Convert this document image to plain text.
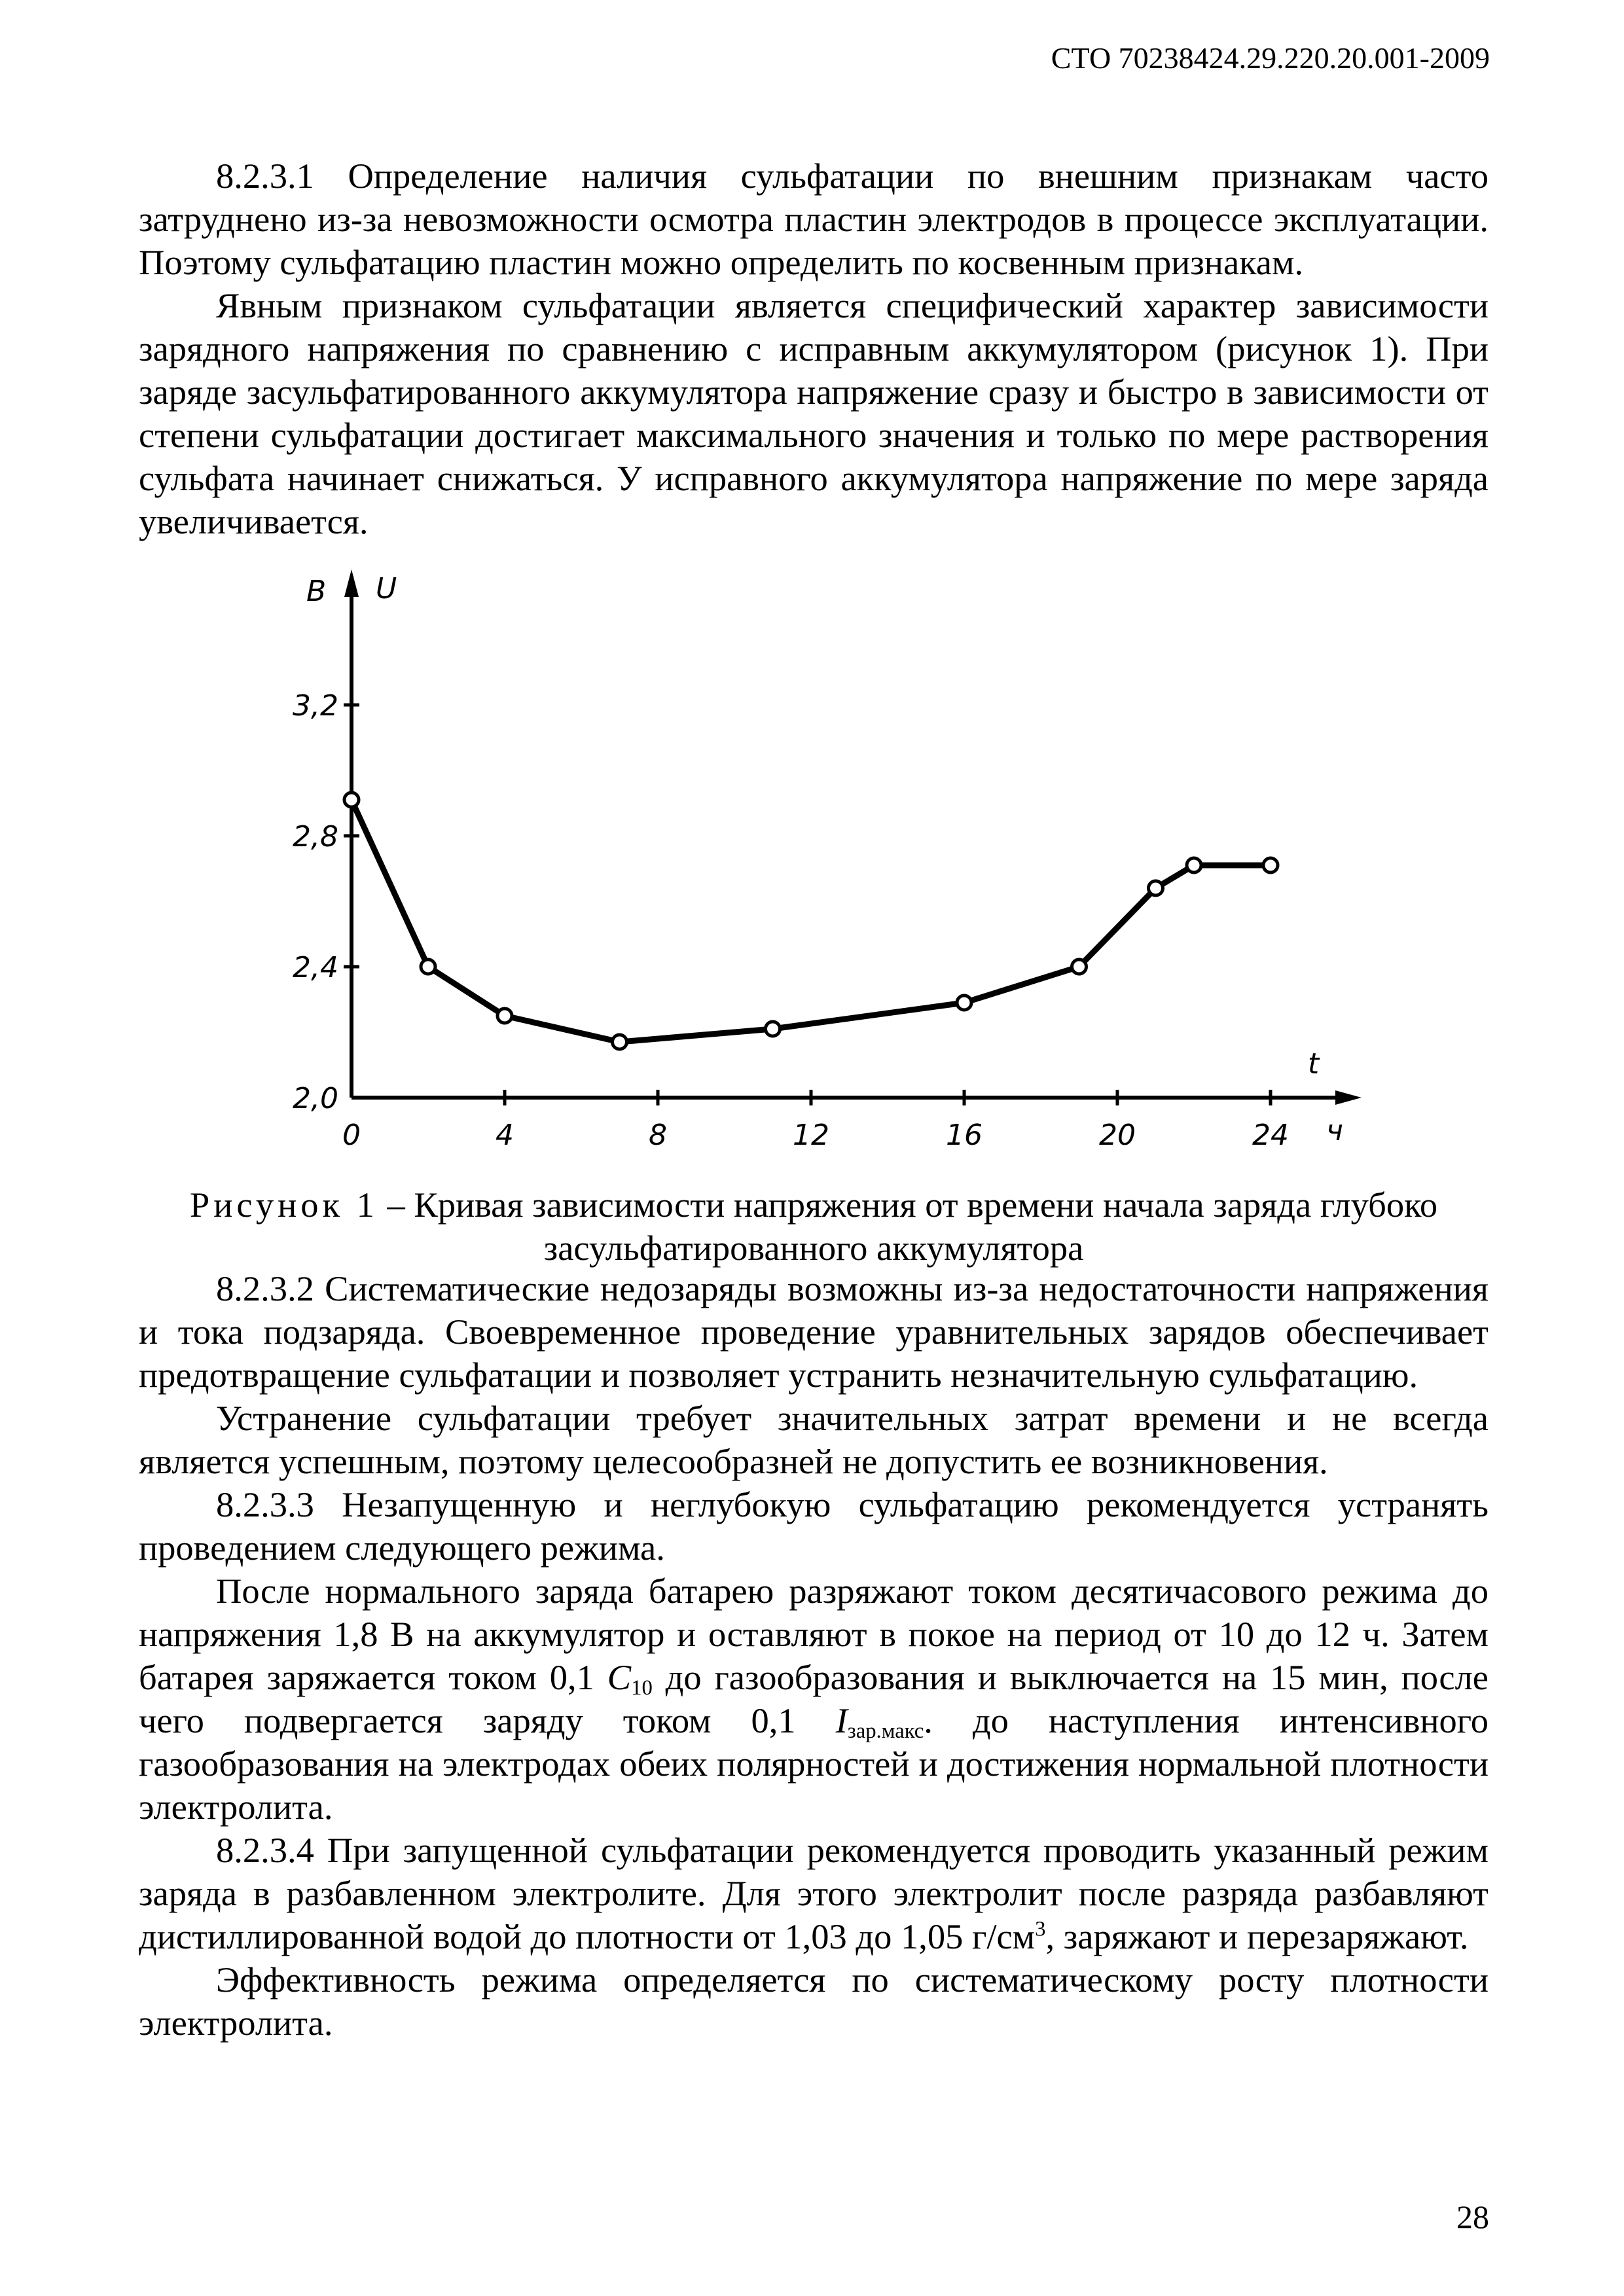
СТО 70238424.29.220.20.001-2009

8.2.3.1 Определение наличия сульфатации по внешним признакам часто затруднено из-за невозможности осмотра пластин электродов в процессе эксплуатации. Поэтому сульфатацию пластин можно определить по косвенным признакам.

Явным признаком сульфатации является специфический характер зависимости зарядного напряжения по сравнению с исправным аккумулятором (рисунок 1). При заряде засульфатированного аккумулятора напряжение сразу и быстро в зависимости от степени сульфатации достигает максимального значения и только по мере растворения сульфата начинает снижаться. У исправного аккумулятора напряжение по мере заряда увеличивается.

В U
t
ч
0	4	8	12	16	20	24
2,0
2,4
2,8
3,2
Рисунок 1 – Кривая зависимости напряжения от времени начала заряда глубоко засульфатированного аккумулятора

8.2.3.2 Систематические недозаряды возможны из-за недостаточности напряжения и тока подзаряда. Своевременное проведение уравнительных зарядов обеспечивает предотвращение сульфатации и позволяет устранить незначительную сульфатацию.

Устранение сульфатации требует значительных затрат времени и не всегда является успешным, поэтому целесообразней не допустить ее возникновения.

8.2.3.3 Незапущенную и неглубокую сульфатацию рекомендуется устранять проведением следующего режима.

После нормального заряда батарею разряжают током десятичасового режима до напряжения 1,8 В на аккумулятор и оставляют в покое на период от 10 до 12 ч. Затем батарея заряжается током 0,1 $C_{10}$ до газообразования и выключается на 15 мин, после чего подвергается заряду током 0,1 $I_{зар.макс}$. до наступления интенсивного газообразования на электродах обеих полярностей и достижения нормальной плотности электролита.

8.2.3.4 При запущенной сульфатации рекомендуется проводить указанный режим заряда в разбавленном электролите. Для этого электролит после разряда разбавляют дистиллированной водой до плотности от 1,03 до 1,05 $г/см^3$, заряжают и перезаряжают.

Эффективность режима определяется по систематическому росту плотности электролита.

28
